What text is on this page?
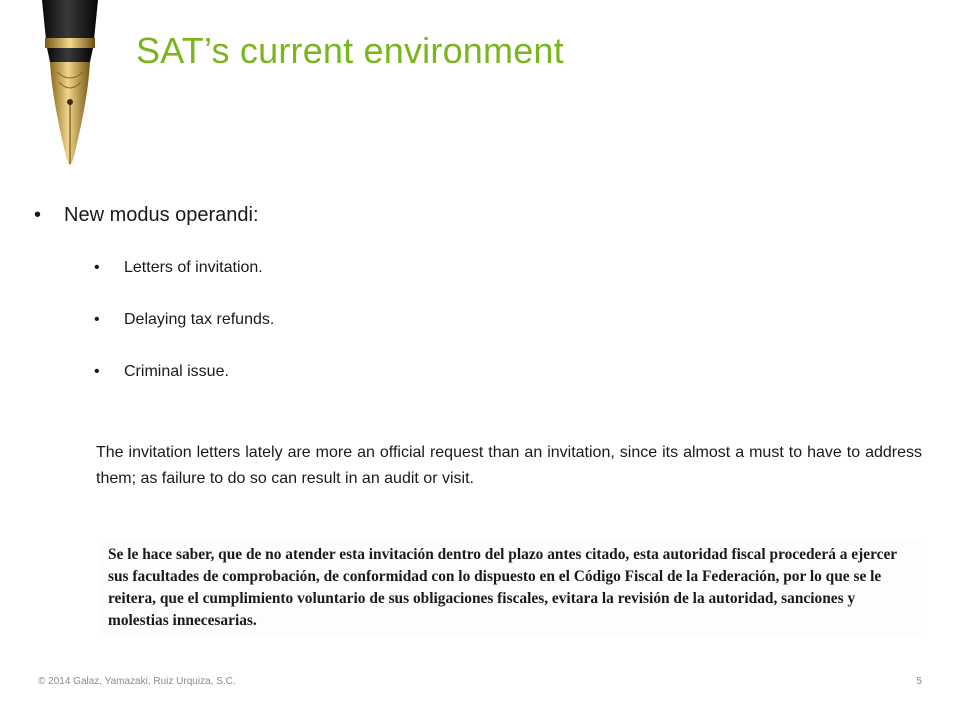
SAT’s current environment
• New modus operandi:
• Letters of invitation.
• Delaying tax refunds.
• Criminal issue.

The invitation letters lately are more an official request than an invitation, since its almost a must to have to address them; as failure to do so can result in an audit or visit.

Se le hace saber, que de no atender esta invitación dentro del plazo antes citado, esta autoridad fiscal procederá a ejercer sus facultades de comprobación, de conformidad con lo dispuesto en el Código Fiscal de la Federación, por lo que se le reitera, que el cumplimiento voluntario de sus obligaciones fiscales, evitara la revisión de la autoridad, sanciones y molestias innecesarias.

© 2014 Galaz, Yamazaki, Ruiz Urquiza, S.C.	5
